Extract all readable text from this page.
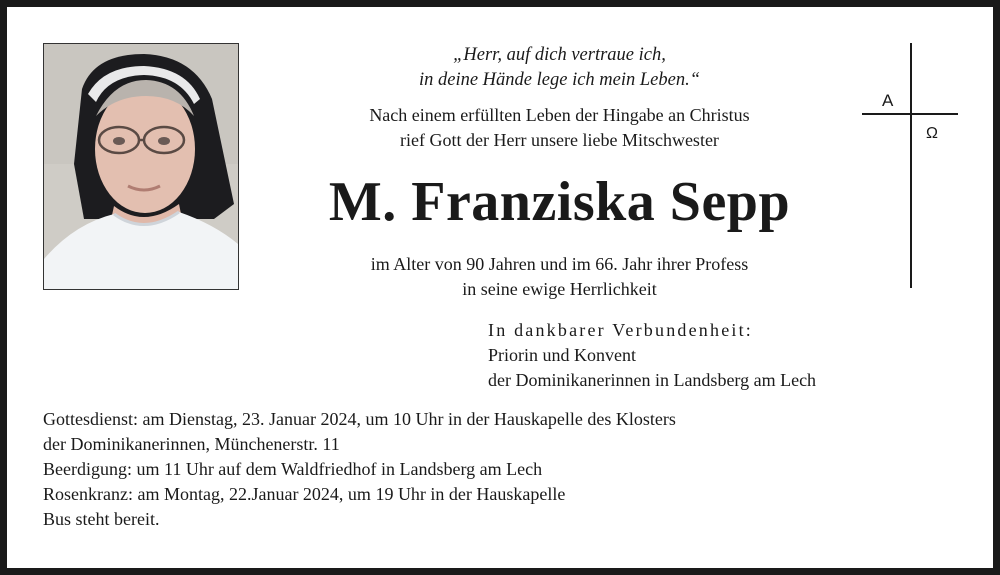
„Herr, auf dich vertraue ich,
in deine Hände lege ich mein Leben.“
Nach einem erfüllten Leben der Hingabe an Christus
rief Gott der Herr unsere liebe Mitschwester
M. Franziska Sepp
im Alter von 90 Jahren und im 66. Jahr ihrer Profess
in seine ewige Herrlichkeit
A
Ω
In dankbarer Verbundenheit:
Priorin und Konvent
der Dominikanerinnen in Landsberg am Lech
Gottesdienst: am Dienstag, 23. Januar 2024, um 10 Uhr in der Hauskapelle des Klosters
der Dominikanerinnen, Münchenerstr. 11
Beerdigung: um 11 Uhr auf dem Waldfriedhof in Landsberg am Lech
Rosenkranz: am Montag, 22.Januar 2024, um 19 Uhr in der Hauskapelle
Bus steht bereit.
